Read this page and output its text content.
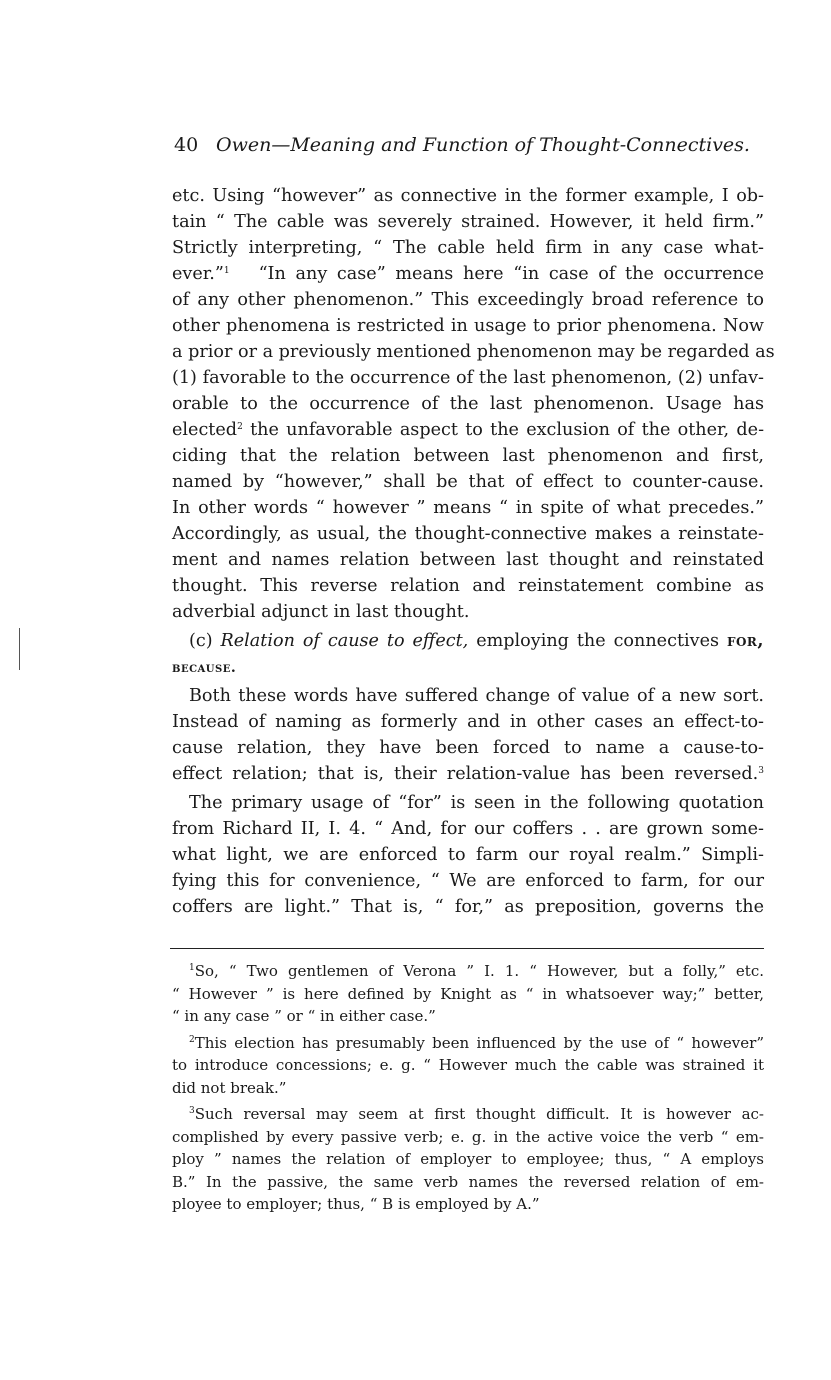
40 Owen—Meaning and Function of Thought-Connectives.
etc. Using “however” as connective in the former example, I ob-
tain “ The cable was severely strained. However, it held firm.”
Strictly interpreting, “ The cable held firm in any case what-
ever.”$^1$ “In any case” means here “in case of the occurrence
of any other phenomenon.” This exceedingly broad reference to
other phenomena is restricted in usage to prior phenomena. Now
a prior or a previously mentioned phenomenon may be regarded as
(1) favorable to the occurrence of the last phenomenon, (2) unfav-
orable to the occurrence of the last phenomenon. Usage has
elected$^2$ the unfavorable aspect to the exclusion of the other, de-
ciding that the relation between last phenomenon and first,
named by “however,” shall be that of effect to counter-cause.
In other words “ however ” means “ in spite of what precedes.”
Accordingly, as usual, the thought-connective makes a reinstate-
ment and names relation between last thought and reinstated
thought. This reverse relation and reinstatement combine as
adverbial adjunct in last thought.
(c) Relation of cause to effect, employing the connectives for,
because.
Both these words have suffered change of value of a new sort.
Instead of naming as formerly and in other cases an effect-to-
cause relation, they have been forced to name a cause-to-
effect relation; that is, their relation-value has been reversed.$^3$
The primary usage of “for” is seen in the following quotation
from Richard II, I. 4. “ And, for our coffers . . are grown some-
what light, we are enforced to farm our royal realm.” Simpli-
fying this for convenience, “ We are enforced to farm, for our
coffers are light.” That is, “ for,” as preposition, governs the
$^1$So, “ Two gentlemen of Verona ” I. 1. “ However, but a folly,” etc.
“ However ” is here defined by Knight as “ in whatsoever way;” better,
“ in any case ” or “ in either case.”
$^2$This election has presumably been influenced by the use of “ however”
to introduce concessions; e. g. “ However much the cable was strained it
did not break.”
$^3$Such reversal may seem at first thought difficult. It is however ac-
complished by every passive verb; e. g. in the active voice the verb “ em-
ploy ” names the relation of employer to employee; thus, “ A employs
B.” In the passive, the same verb names the reversed relation of em-
ployee to employer; thus, “ B is employed by A.”
